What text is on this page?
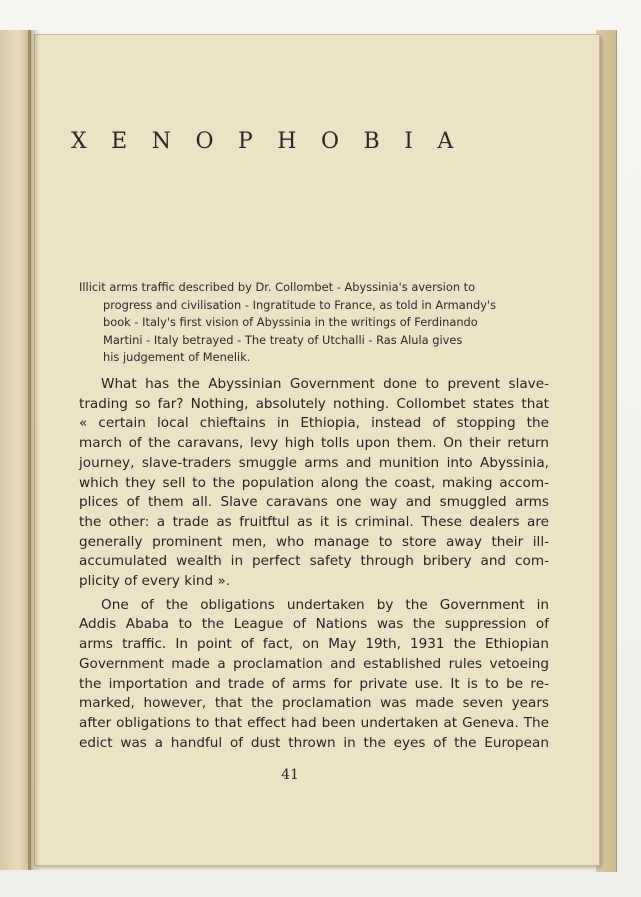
XENOPHOBIA
Illicit arms traffic described by Dr. Collombet - Abyssinia's aversion to
progress and civilisation - Ingratitude to France, as told in Armandy's
book - Italy's first vision of Abyssinia in the writings of Ferdinando
Martini - Italy betrayed - The treaty of Utchalli - Ras Alula gives
his judgement of Menelik.
What has the Abyssinian Government done to prevent slave-
trading so far? Nothing, absolutely nothing. Collombet states that
« certain local chieftains in Ethiopia, instead of stopping the
march of the caravans, levy high tolls upon them. On their return
journey, slave-traders smuggle arms and munition into Abyssinia,
which they sell to the population along the coast, making accom-
plices of them all. Slave caravans one way and smuggled arms
the other: a trade as fruitftul as it is criminal. These dealers are
generally prominent men, who manage to store away their ill-
accumulated wealth in perfect safety through bribery and com-
plicity of every kind ».
One of the obligations undertaken by the Government in
Addis Ababa to the League of Nations was the suppression of
arms traffic. In point of fact, on May 19th, 1931 the Ethiopian
Government made a proclamation and established rules vetoeing
the importation and trade of arms for private use. It is to be re-
marked, however, that the proclamation was made seven years
after obligations to that effect had been undertaken at Geneva. The
edict was a handful of dust thrown in the eyes of the European
41
